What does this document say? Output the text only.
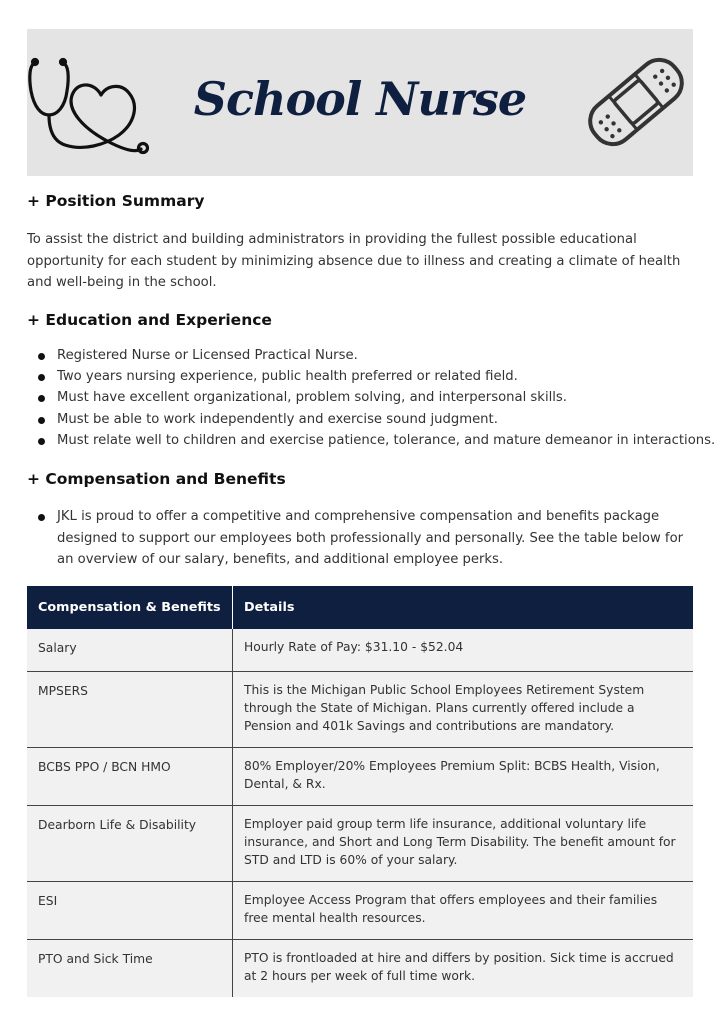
School Nurse
+ Position Summary

To assist the district and building administrators in providing the fullest possible educational opportunity for each student by minimizing absence due to illness and creating a climate of health and well-being in the school.

+ Education and Experience
Registered Nurse or Licensed Practical Nurse.
Two years nursing experience, public health preferred or related field.
Must have excellent organizational, problem solving, and interpersonal skills.
Must be able to work independently and exercise sound judgment.
Must relate well to children and exercise patience, tolerance, and mature demeanor in interactions.
+ Compensation and Benefits
JKL is proud to offer a competitive and comprehensive compensation and benefits package designed to support our employees both professionally and personally. See the table below for an overview of our salary, benefits, and additional employee perks.
Compensation & Benefits	Details
Salary	Hourly Rate of Pay: $31.10 - $52.04
MPSERS	This is the Michigan Public School Employees Retirement System through the State of Michigan. Plans currently offered include a Pension and 401k Savings and contributions are mandatory.
BCBS PPO / BCN HMO	80% Employer/20% Employees Premium Split: BCBS Health, Vision, Dental, & Rx.
Dearborn Life & Disability	Employer paid group term life insurance, additional voluntary life insurance, and Short and Long Term Disability. The benefit amount for STD and LTD is 60% of your salary.
ESI	Employee Access Program that offers employees and their families free mental health resources.
PTO and Sick Time	PTO is frontloaded at hire and differs by position. Sick time is accrued at 2 hours per week of full time work.
